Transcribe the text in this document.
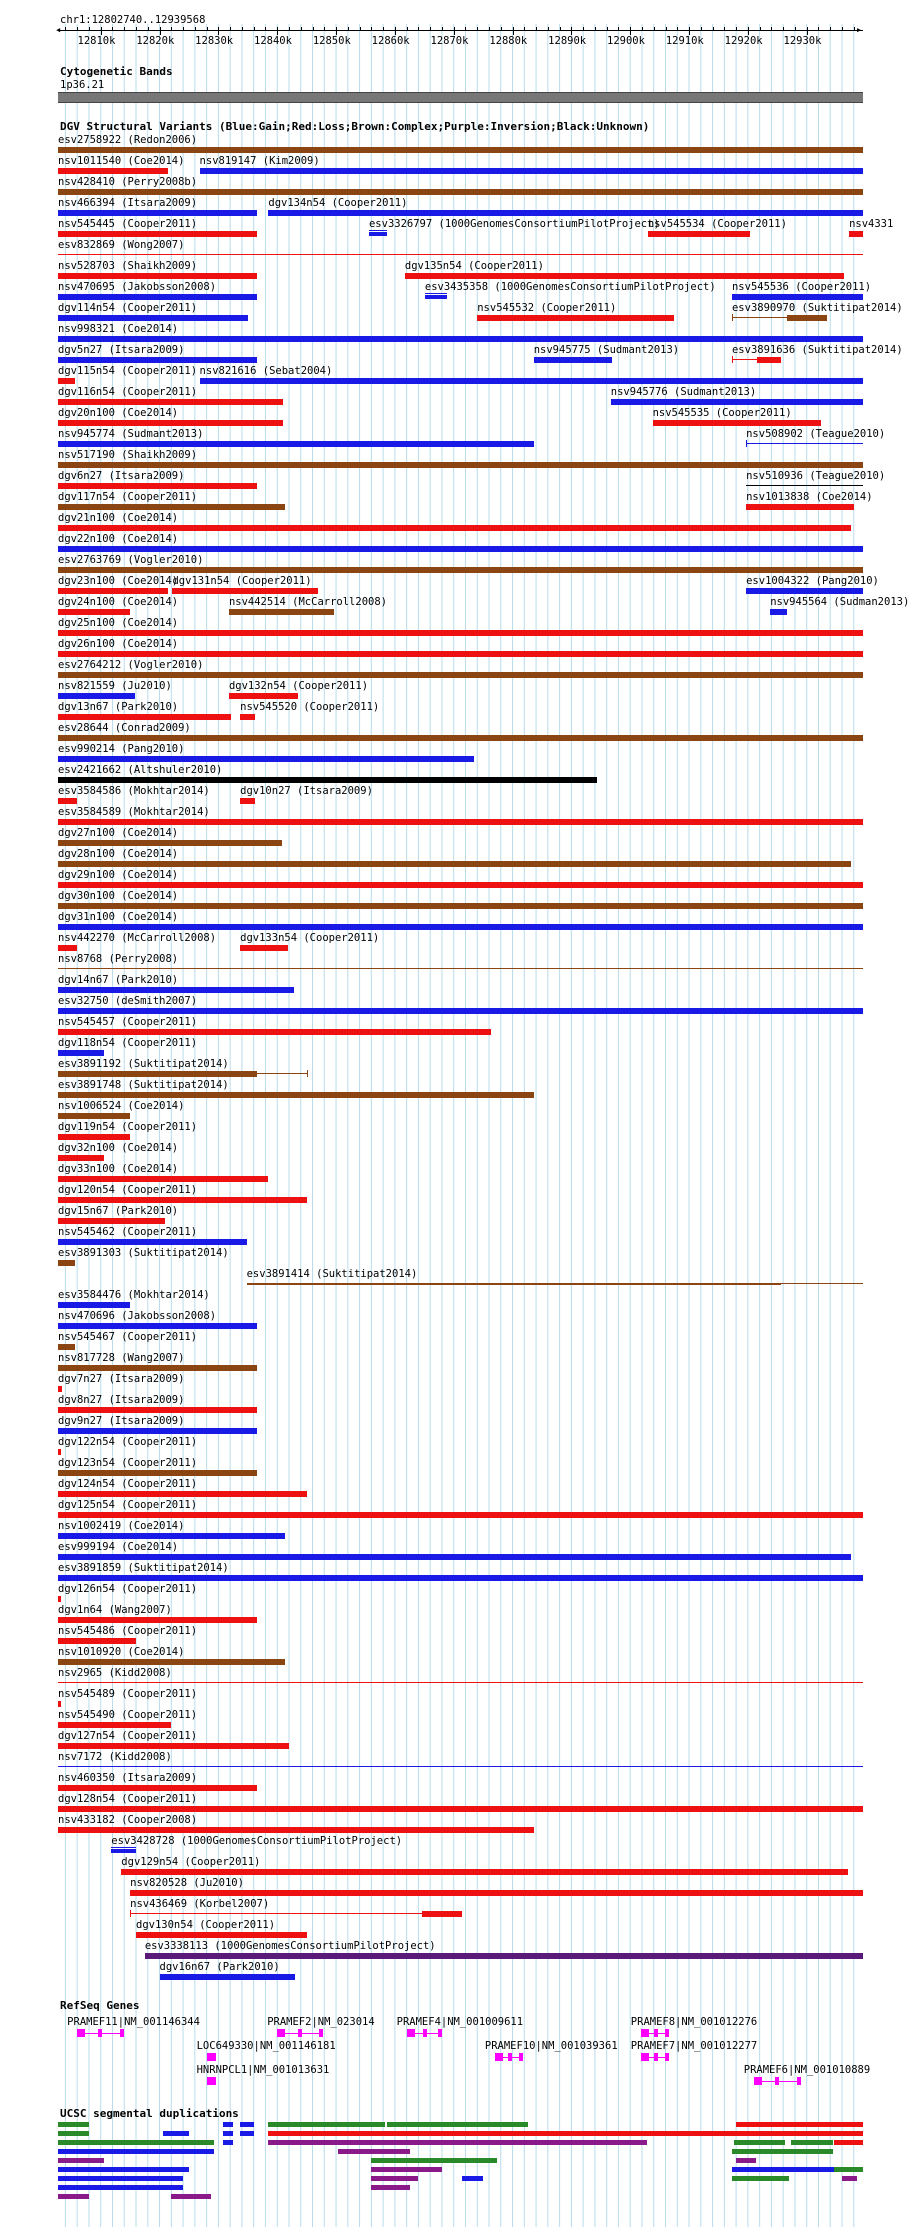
chr1:12802740..12939568
Cytogenetic Bands
1p36.21
DGV Structural Variants (Blue:Gain;Red:Loss;Brown:Complex;Purple:Inversion;Black:Unknown)
RefSeq Genes
UCSC segmental duplications
12810k 12820k 12830k 12840k 12850k 12860k 12870k 12880k 12890k 12900k 12910k 12920k 12930k
◀	▶
esv2758922 (Redon2006)
nsv1011540 (Coe2014) nsv819147 (Kim2009)
nsv428410 (Perry2008b)
nsv466394 (Itsara2009)	dgv134n54 (Cooper2011)
nsv545445 (Cooper2011)	esv3326797 (1000GenomesConsortiumPilotProject)
nsv545534 (Cooper2011)	nsv4331
esv832869 (Wong2007)
nsv528703 (Shaikh2009)	dgv135n54 (Cooper2011)
nsv470695 (Jakobsson2008)	esv3435358 (1000GenomesConsortiumPilotProject) nsv545536 (Cooper2011)
dgv114n54 (Cooper2011)	nsv545532 (Cooper2011)	esv3890970 (Suktitipat2014)
nsv998321 (Coe2014)
dgv5n27 (Itsara2009)	nsv945775 (Sudmant2013)	esv3891636 (Suktitipat2014)
dgv115n54 (Cooper2011) nsv821616 (Sebat2004)
dgv116n54 (Cooper2011)	nsv945776 (Sudmant2013)
dgv20n100 (Coe2014)	nsv545535 (Cooper2011)
nsv945774 (Sudmant2013)	nsv508902 (Teague2010)
nsv517190 (Shaikh2009)
dgv6n27 (Itsara2009)	nsv510936 (Teague2010)
dgv117n54 (Cooper2011)	nsv1013838 (Coe2014)
dgv21n100 (Coe2014)
dgv22n100 (Coe2014)
esv2763769 (Vogler2010)
dgv23n100 (Coe2014)
dgv131n54 (Cooper2011)	esv1004322 (Pang2010)
dgv24n100 (Coe2014)	nsv442514 (McCarroll2008)	nsv945564 (Sudman2013)
dgv25n100 (Coe2014)
dgv26n100 (Coe2014)
esv2764212 (Vogler2010)
nsv821559 (Ju2010)	dgv132n54 (Cooper2011)
dgv13n67 (Park2010)	nsv545520 (Cooper2011)
esv28644 (Conrad2009)
esv990214 (Pang2010)
esv2421662 (Altshuler2010)
esv3584586 (Mokhtar2014)	dgv10n27 (Itsara2009)
esv3584589 (Mokhtar2014)
dgv27n100 (Coe2014)
dgv28n100 (Coe2014)
dgv29n100 (Coe2014)
dgv30n100 (Coe2014)
dgv31n100 (Coe2014)
nsv442270 (McCarroll2008) dgv133n54 (Cooper2011)
nsv8768 (Perry2008)
dgv14n67 (Park2010)
esv32750 (deSmith2007)
nsv545457 (Cooper2011)
dgv118n54 (Cooper2011)
esv3891192 (Suktitipat2014)
esv3891748 (Suktitipat2014)
nsv1006524 (Coe2014)
dgv119n54 (Cooper2011)
dgv32n100 (Coe2014)
dgv33n100 (Coe2014)
dgv120n54 (Cooper2011)
dgv15n67 (Park2010)
nsv545462 (Cooper2011)
esv3891303 (Suktitipat2014)
esv3891414 (Suktitipat2014)
esv3584476 (Mokhtar2014)
nsv470696 (Jakobsson2008)
nsv545467 (Cooper2011)
nsv817728 (Wang2007)
dgv7n27 (Itsara2009)
dgv8n27 (Itsara2009)
dgv9n27 (Itsara2009)
dgv122n54 (Cooper2011)
dgv123n54 (Cooper2011)
dgv124n54 (Cooper2011)
dgv125n54 (Cooper2011)
nsv1002419 (Coe2014)
esv999194 (Coe2014)
esv3891859 (Suktitipat2014)
dgv126n54 (Cooper2011)
dgv1n64 (Wang2007)
nsv545486 (Cooper2011)
nsv1010920 (Coe2014)
nsv2965 (Kidd2008)
nsv545489 (Cooper2011)
nsv545490 (Cooper2011)
dgv127n54 (Cooper2011)
nsv7172 (Kidd2008)
nsv460350 (Itsara2009)
dgv128n54 (Cooper2011)
nsv433182 (Cooper2008)
esv3428728 (1000GenomesConsortiumPilotProject)
dgv129n54 (Cooper2011)
nsv820528 (Ju2010)
nsv436469 (Korbel2007)
dgv130n54 (Cooper2011)
esv3338113 (1000GenomesConsortiumPilotProject)
dgv16n67 (Park2010)
PRAMEF11|NM_001146344	PRAMEF2|NM_023014 PRAMEF4|NM_001009611	PRAMEF8|NM_001012276
LOC649330|NM_001146181	PRAMEF10|NM_001039361 PRAMEF7|NM_001012277
HNRNPCL1|NM_001013631	PRAMEF6|NM_001010889
